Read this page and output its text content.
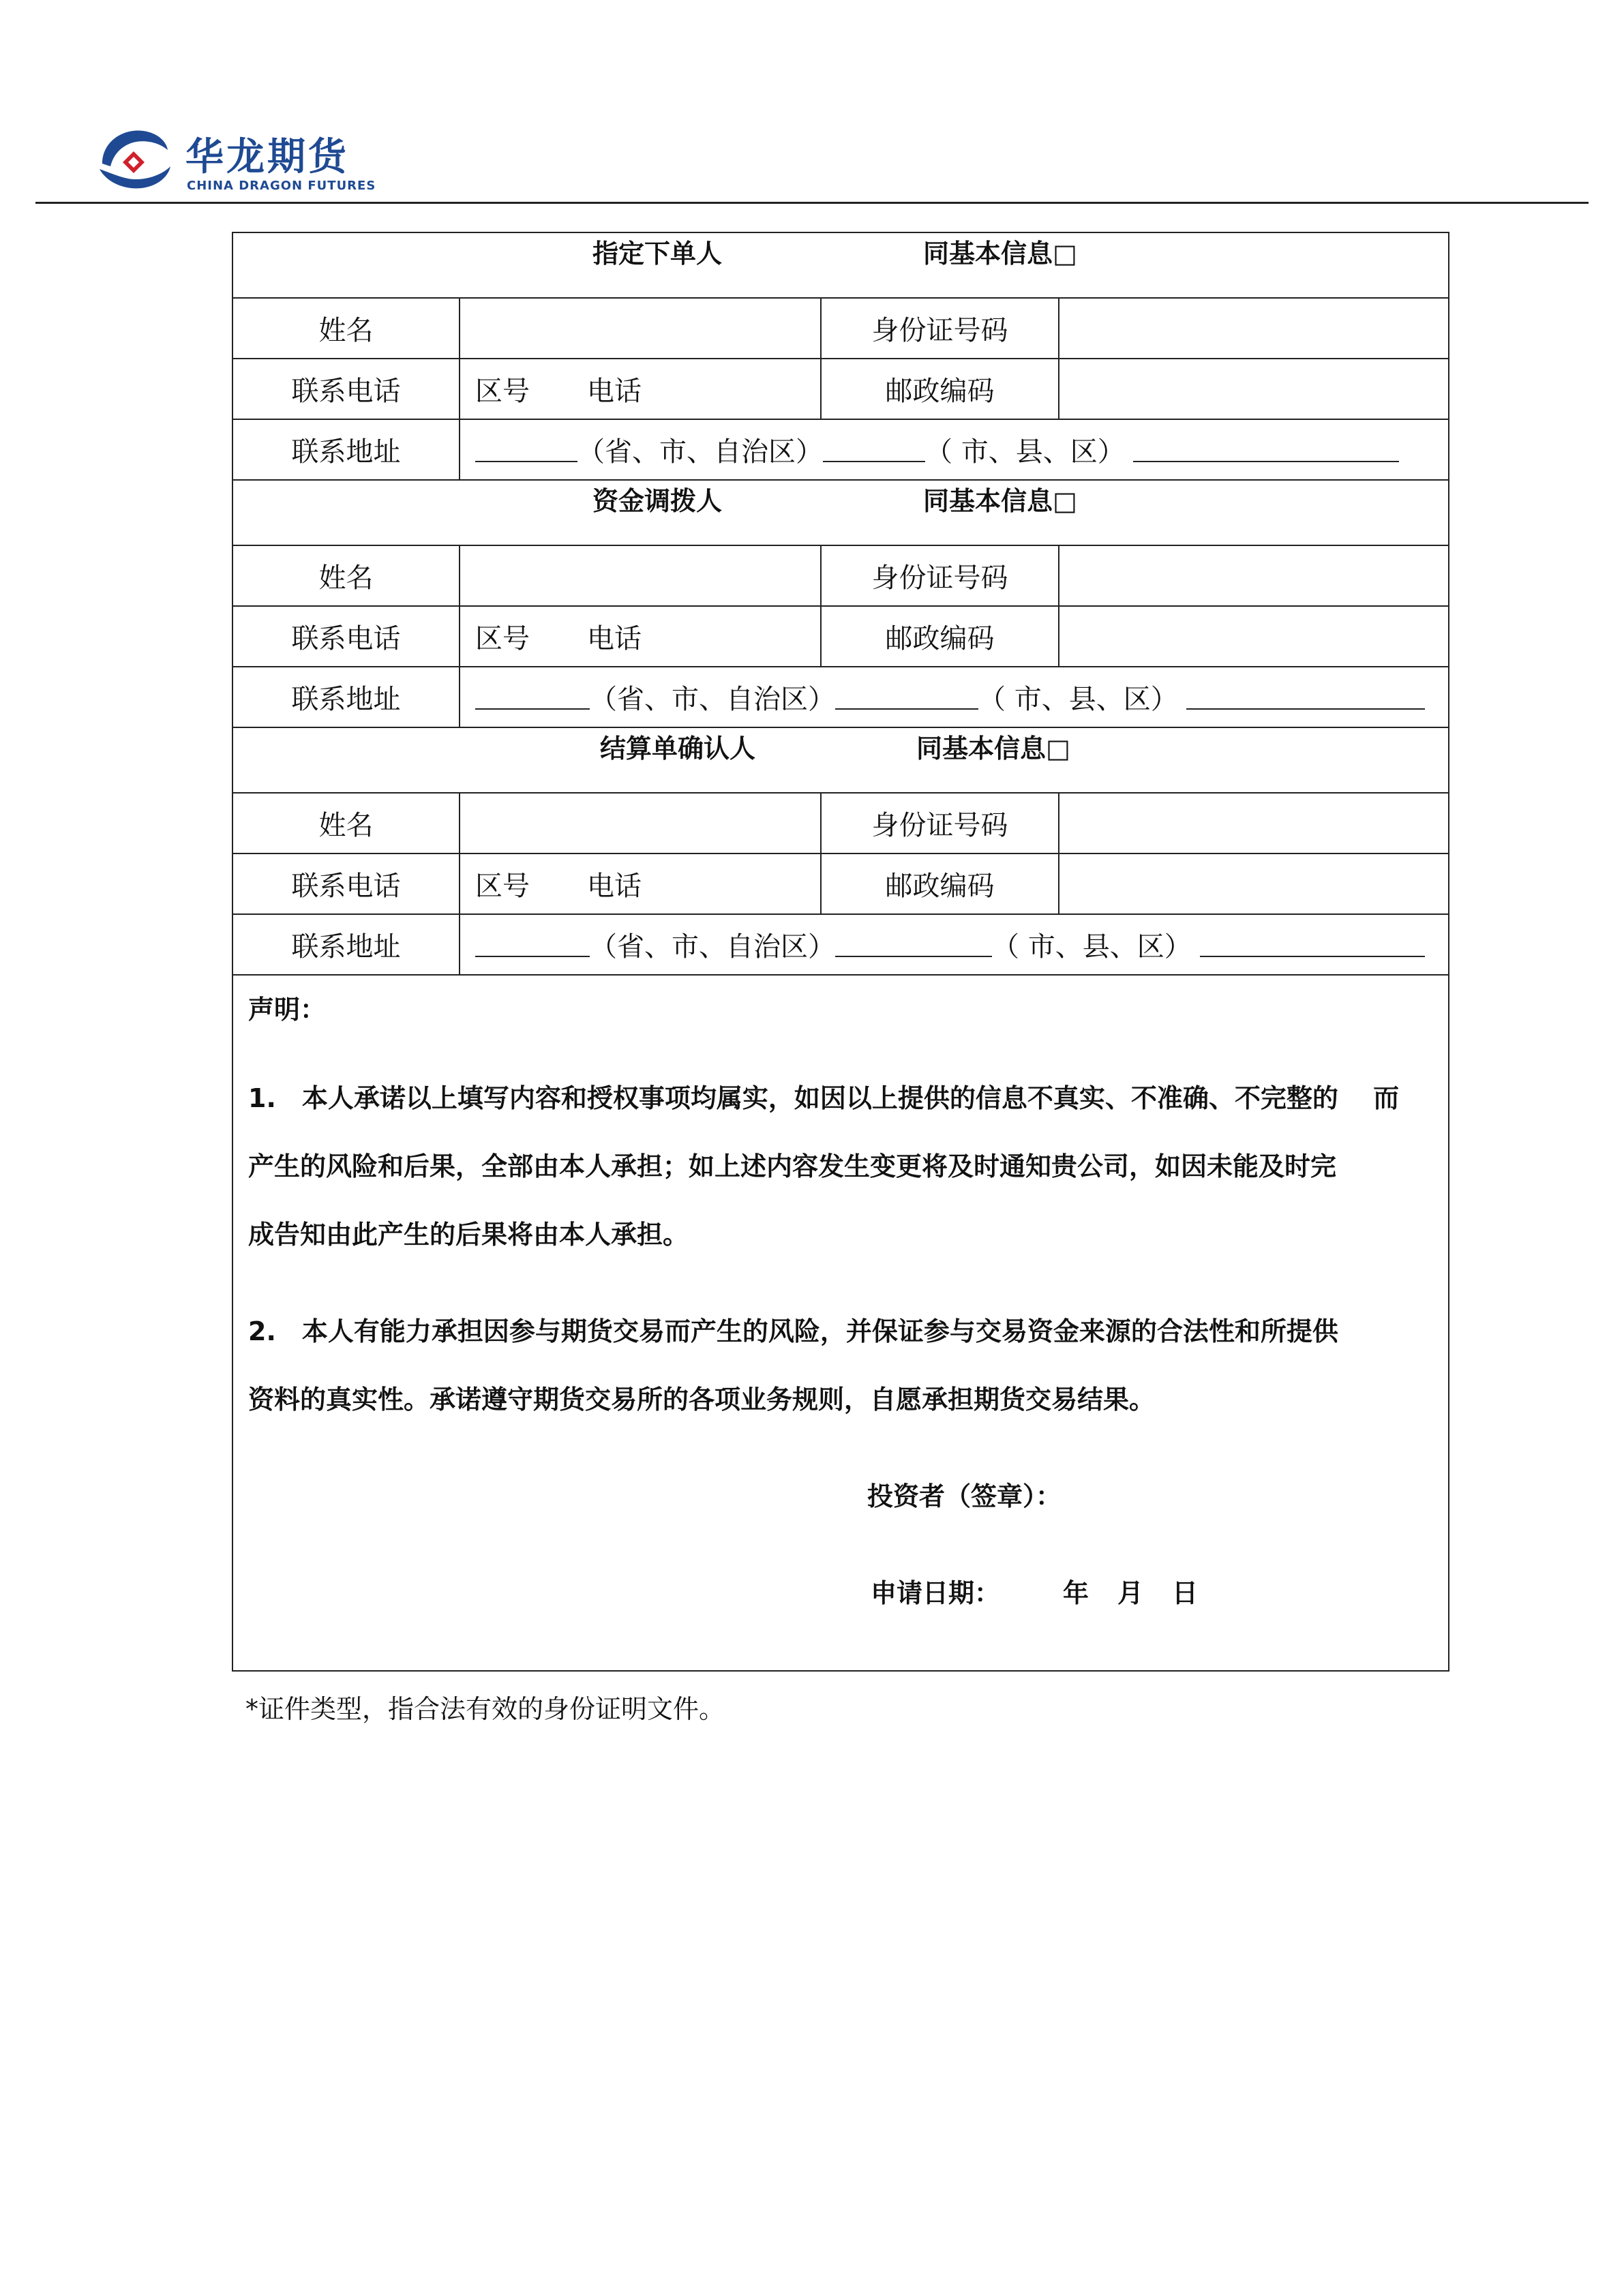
华龙期货
CHINA DRAGON FUTURES
指定下单人	同基本信息□
姓名	身份证号码
联系电话	区号 电话	邮政编码
联系地址	（省、市、自治区）	（ 市、县、区）
资金调拨人	同基本信息□
姓名	身份证号码
联系电话	区号 电话	邮政编码
联系地址	（省、市、自治区）	（ 市、县、区）
结算单确认人	同基本信息□
姓名	身份证号码
联系电话	区号 电话	邮政编码
联系地址	（省、市、自治区）	（ 市、县、区）
声明：
1.　本人承诺以上填写内容和授权事项均属实，如因以上提供的信息不真实、不准确、不完整的　 而
产生的风险和后果，全部由本人承担；如上述内容发生变更将及时通知贵公司，如因未能及时完
成告知由此产生的后果将由本人承担。
2.　本人有能力承担因参与期货交易而产生的风险，并保证参与交易资金来源的合法性和所提供
资料的真实性。承诺遵守期货交易所的各项业务规则，自愿承担期货交易结果。
投资者（签章）：
申请日期： 年 月 日
*证件类型，指合法有效的身份证明文件。
